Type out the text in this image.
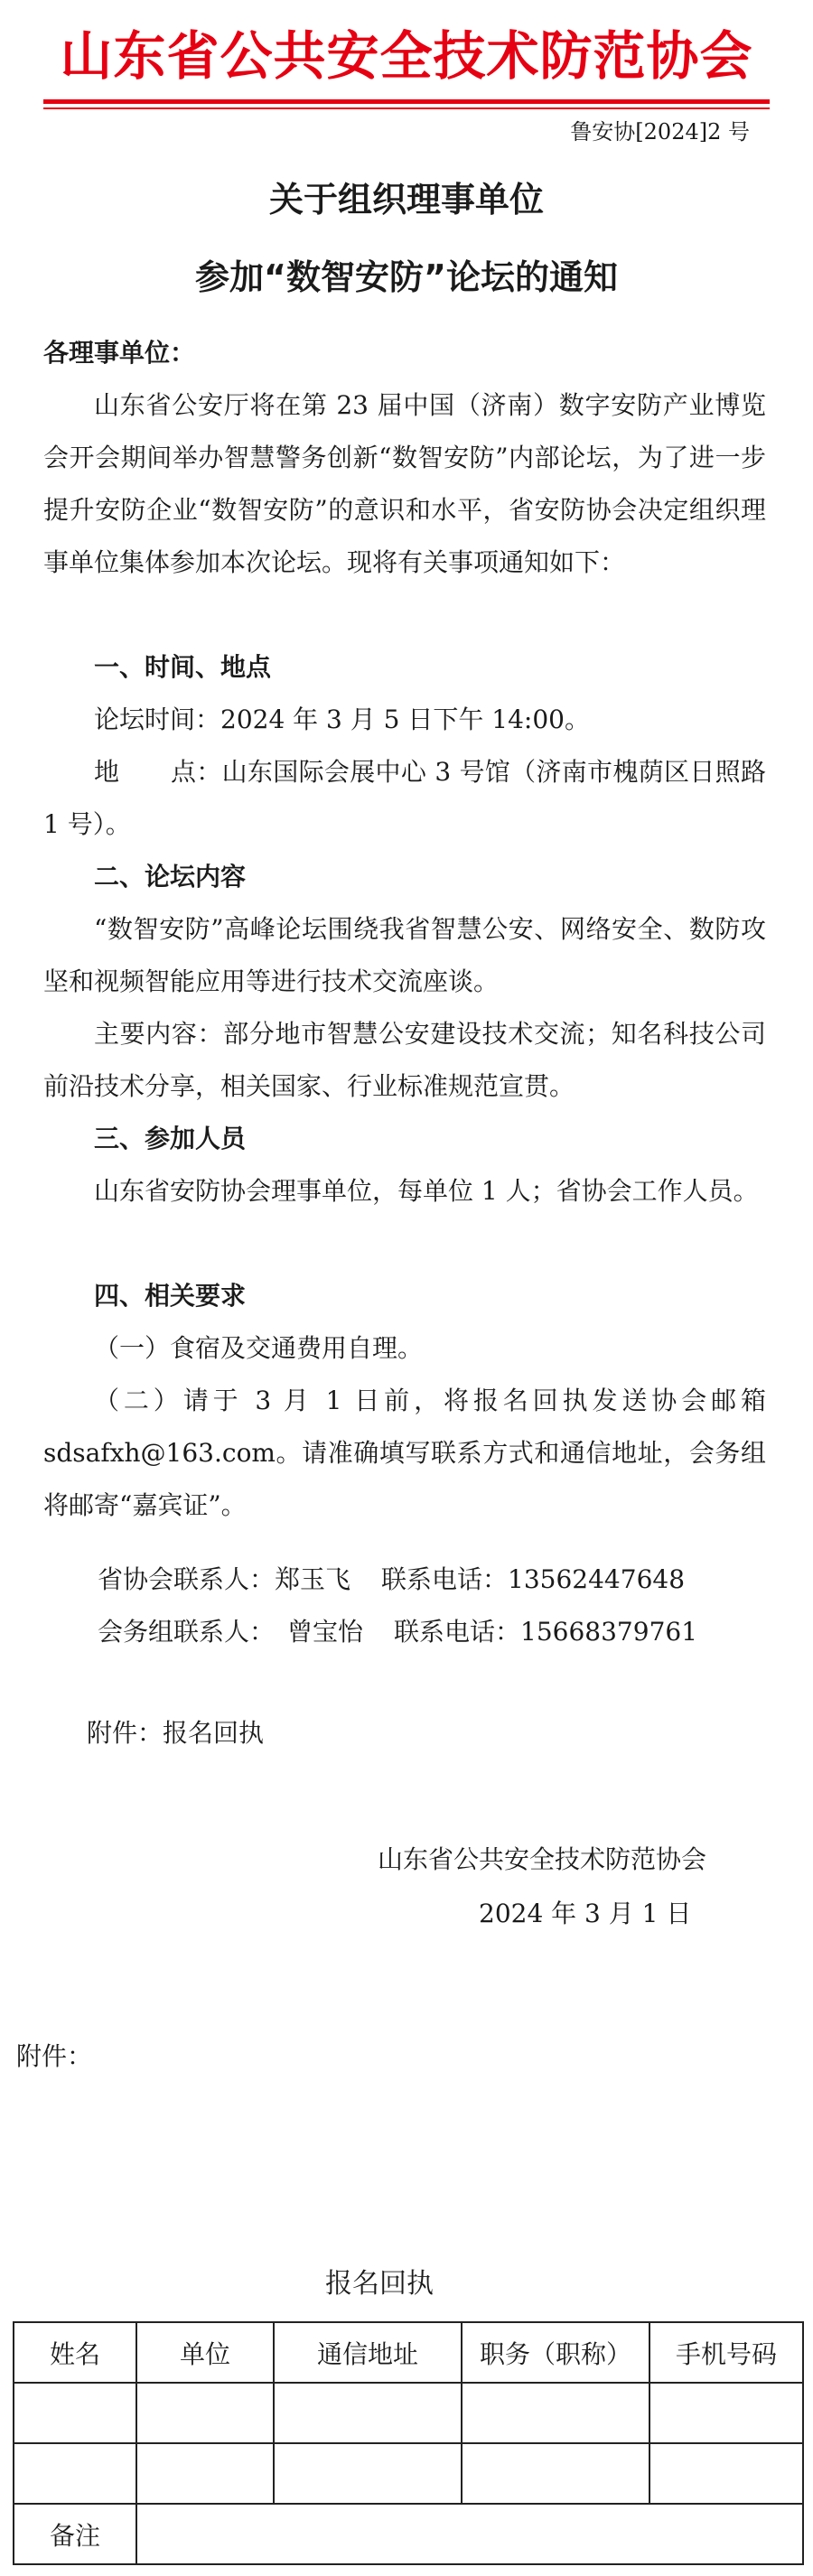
山东省公共安全技术防范协会
鲁安协[2024]2 号
关于组织理事单位
参加“数智安防”论坛的通知

各理事单位：

山东省公安厅将在第 23 届中国（济南）数字安防产业博览会开会期间举办智慧警务创新“数智安防”内部论坛，为了进一步提升安防企业“数智安防”的意识和水平，省安防协会决定组织理事单位集体参加本次论坛。现将有关事项通知如下：

一、时间、地点

论坛时间：2024 年 3 月 5 日下午 14:00。

地　　点：山东国际会展中心 3 号馆（济南市槐荫区日照路 1 号）。

二、论坛内容

“数智安防”高峰论坛围绕我省智慧公安、网络安全、数防攻坚和视频智能应用等进行技术交流座谈。

主要内容：部分地市智慧公安建设技术交流；知名科技公司前沿技术分享，相关国家、行业标准规范宣贯。

三、参加人员

山东省安防协会理事单位，每单位 1 人；省协会工作人员。

四、相关要求

（一）食宿及交通费用自理。

（二）请于 3 月 1 日前，将报名回执发送协会邮箱 sdsafxh@163.com。请准确填写联系方式和通信地址，会务组将邮寄“嘉宾证”。

省协会联系人：郑玉飞 联系电话：13562447648
会务组联系人： 曾宝怡 联系电话：15668379761

附件：报名回执

山东省公共安全技术防范协会

2024 年 3 月 1 日

附件：

报名回执
姓名	单位	通信地址	职务（职称）	手机号码

备注				
